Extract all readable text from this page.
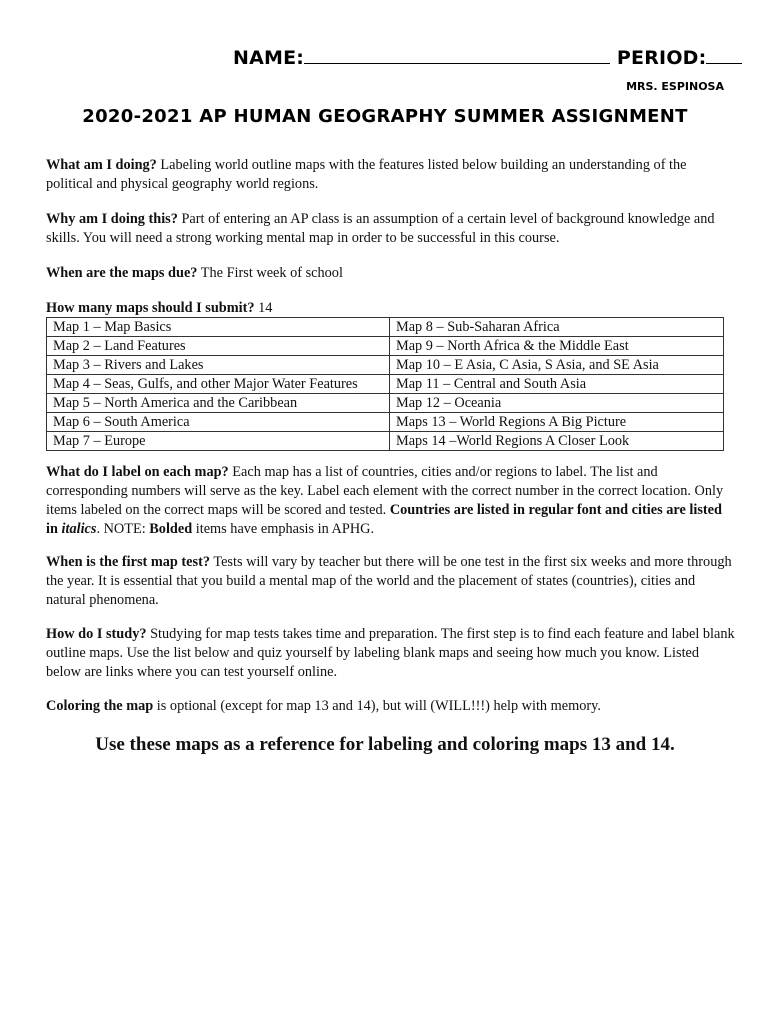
NAME:	PERIOD:
MRS. ESPINOSA
2020-2021 AP HUMAN GEOGRAPHY SUMMER ASSIGNMENT
What am I doing? Labeling world outline maps with the features listed below building an understanding of the political and physical geography world regions.
Why am I doing this? Part of entering an AP class is an assumption of a certain level of background knowledge and skills. You will need a strong working mental map in order to be successful in this course.
When are the maps due? The First week of school
How many maps should I submit? 14
Map 1 – Map Basics	Map 8 – Sub-Saharan Africa
Map 2 – Land Features	Map 9 – North Africa & the Middle East
Map 3 – Rivers and Lakes	Map 10 – E Asia, C Asia, S Asia, and SE Asia
Map 4 – Seas, Gulfs, and other Major Water Features	Map 11 – Central and South Asia
Map 5 – North America and the Caribbean	Map 12 – Oceania
Map 6 – South America	Maps 13 – World Regions A Big Picture
Map 7 – Europe	Maps 14 –World Regions A Closer Look
What do I label on each map? Each map has a list of countries, cities and/or regions to label. The list and corresponding numbers will serve as the key. Label each element with the correct number in the correct location. Only items labeled on the correct maps will be scored and tested. Countries are listed in regular font and cities are listed in italics. NOTE: Bolded items have emphasis in APHG.
When is the first map test? Tests will vary by teacher but there will be one test in the first six weeks and more through the year. It is essential that you build a mental map of the world and the placement of states (countries), cities and natural phenomena.
How do I study? Studying for map tests takes time and preparation. The first step is to find each feature and label blank outline maps. Use the list below and quiz yourself by labeling blank maps and seeing how much you know. Listed below are links where you can test yourself online.
Coloring the map is optional (except for map 13 and 14), but will (WILL!!!) help with memory.
Use these maps as a reference for labeling and coloring maps 13 and 14.
